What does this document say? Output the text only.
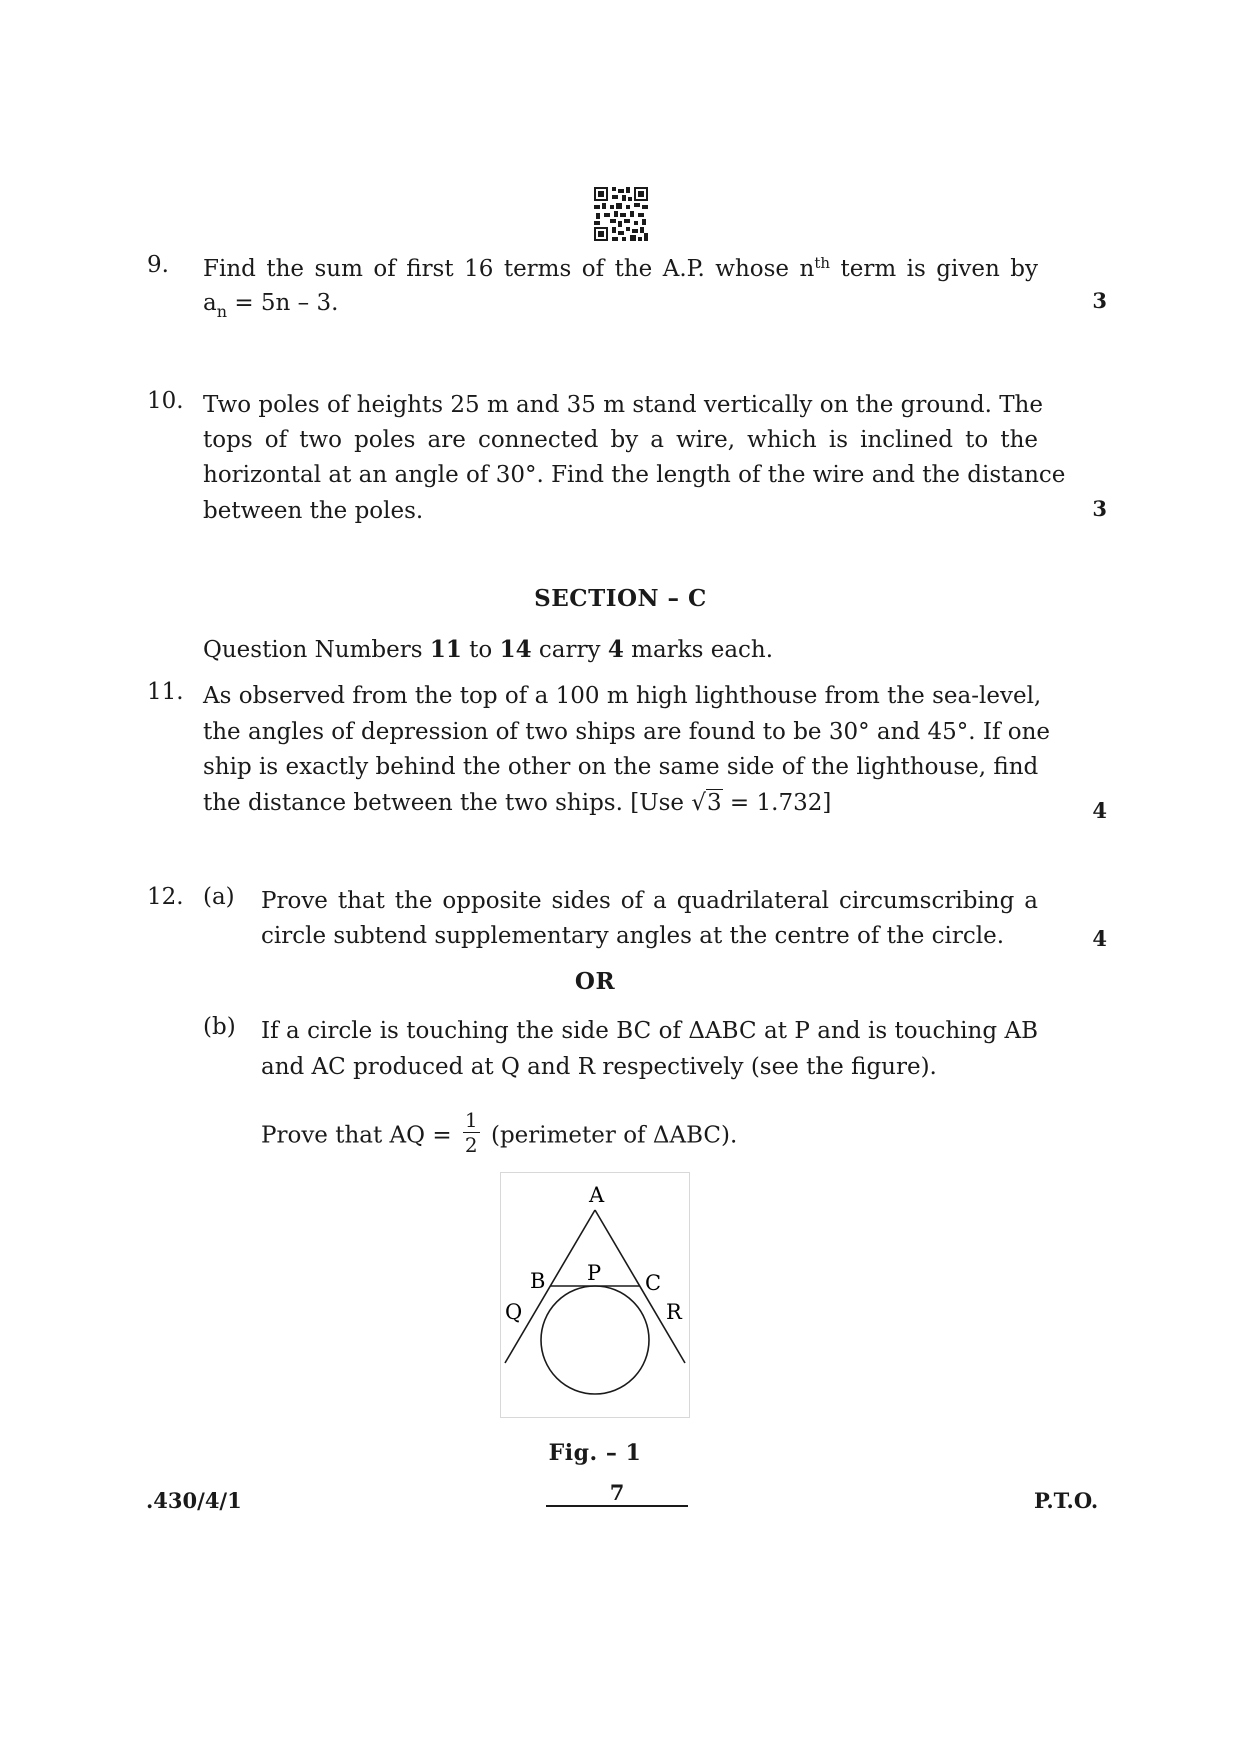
9. Find the sum of first 16 terms of the A.P. whose $n^{th}$ term is given by
$a_n = 5n - 3$.	3
10. Two poles of heights 25 m and 35 m stand vertically on the ground. The
tops of two poles are connected by a wire, which is inclined to the
horizontal at an angle of 30°. Find the length of the wire and the distance
between the poles.	3
SECTION – C
Question Numbers 11 to 14 carry 4 marks each.
11. As observed from the top of a 100 m high lighthouse from the sea-level,
the angles of depression of two ships are found to be 30° and 45°. If one
ship is exactly behind the other on the same side of the lighthouse, find
the distance between the two ships. [Use √3 = 1.732]	4
12. (a) Prove that the opposite sides of a quadrilateral circumscribing a
circle subtend supplementary angles at the centre of the circle.	4
OR
(b) If a circle is touching the side BC of ΔABC at P and is touching AB
and AC produced at Q and R respectively (see the figure).
Prove that AQ = $\frac{1}{2}$ (perimeter of ΔABC).
A
B P C
Q	R
Fig. – 1
.430/4/1	7	P.T.O.
